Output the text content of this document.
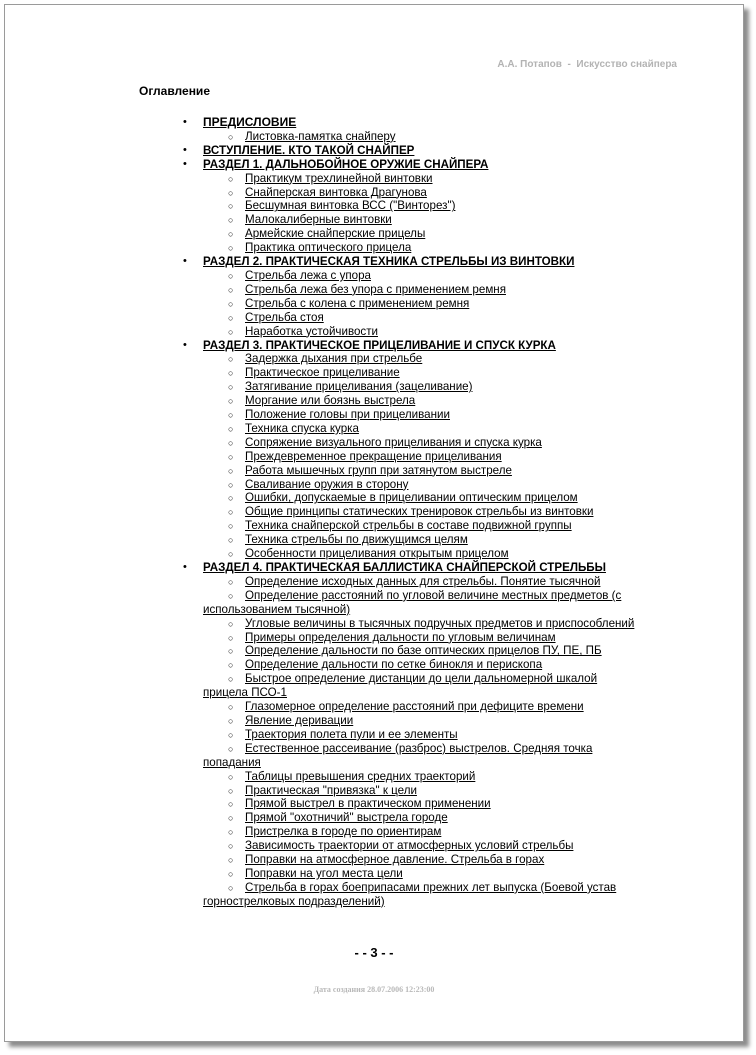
А.А. Потапов - Искусство снайпера
Оглавление
• ПРЕДИСЛОВИЕ
○ Листовка-памятка снайперу
• ВСТУПЛЕНИЕ. КТО ТАКОЙ СНАЙПЕР
• РАЗДЕЛ 1. ДАЛЬНОБОЙНОЕ ОРУЖИЕ СНАЙПЕРА
○ Практикум трехлинейной винтовки
○ Снайперская винтовка Драгунова
○ Бесшумная винтовка ВСС ("Винторез")
○ Малокалиберные винтовки
○ Армейские снайперские прицелы
○ Практика оптического прицела
• РАЗДЕЛ 2. ПРАКТИЧЕСКАЯ ТЕХНИКА СТРЕЛЬБЫ ИЗ ВИНТОВКИ
○ Стрельба лежа с упора
○ Стрельба лежа без упора с применением ремня
○ Стрельба с колена с применением ремня
○ Стрельба стоя
○ Наработка устойчивости
• РАЗДЕЛ 3. ПРАКТИЧЕСКОЕ ПРИЦЕЛИВАНИЕ И СПУСК КУРКА
○ Задержка дыхания при стрельбе
○ Практическое прицеливание
○ Затягивание прицеливания (зацеливание)
○ Моргание или боязнь выстрела
○ Положение головы при прицеливании
○ Техника спуска курка
○ Сопряжение визуального прицеливания и спуска курка
○ Преждевременное прекращение прицеливания
○ Работа мышечных групп при затянутом выстреле
○ Сваливание оружия в сторону
○ Ошибки, допускаемые в прицеливании оптическим прицелом
○ Общие принципы статических тренировок стрельбы из винтовки
○ Техника снайперской стрельбы в составе подвижной группы
○ Техника стрельбы по движущимся целям
○ Особенности прицеливания открытым прицелом
• РАЗДЕЛ 4. ПРАКТИЧЕСКАЯ БАЛЛИСТИКА СНАЙПЕРСКОЙ СТРЕЛЬБЫ
○ Определение исходных данных для стрельбы. Понятие тысячной
○ Определение расстояний по угловой величине местных предметов (с использованием тысячной)
○ Угловые величины в тысячных подручных предметов и приспособлений
○ Примеры определения дальности по угловым величинам
○ Определение дальности по базе оптических прицелов ПУ, ПЕ, ПБ
○ Определение дальности по сетке бинокля и перископа
○ Быстрое определение дистанции до цели дальномерной шкалой прицела ПСО-1
○ Глазомерное определение расстояний при дефиците времени
○ Явление деривации
○ Траектория полета пули и ее элементы
○ Естественное рассеивание (разброс) выстрелов. Средняя точка попадания
○ Таблицы превышения средних траекторий
○ Практическая "привязка" к цели
○ Прямой выстрел в практическом применении
○ Прямой "охотничий" выстрела городе
○ Пристрелка в городе по ориентирам
○ Зависимость траектории от атмосферных условий стрельбы
○ Поправки на атмосферное давление. Стрельба в горах
○ Поправки на угол места цели
○ Стрельба в горах боеприпасами прежних лет выпуска (Боевой устав горнострелковых подразделений)
- - 3 - -
Дата создания 28.07.2006 12:23:00
